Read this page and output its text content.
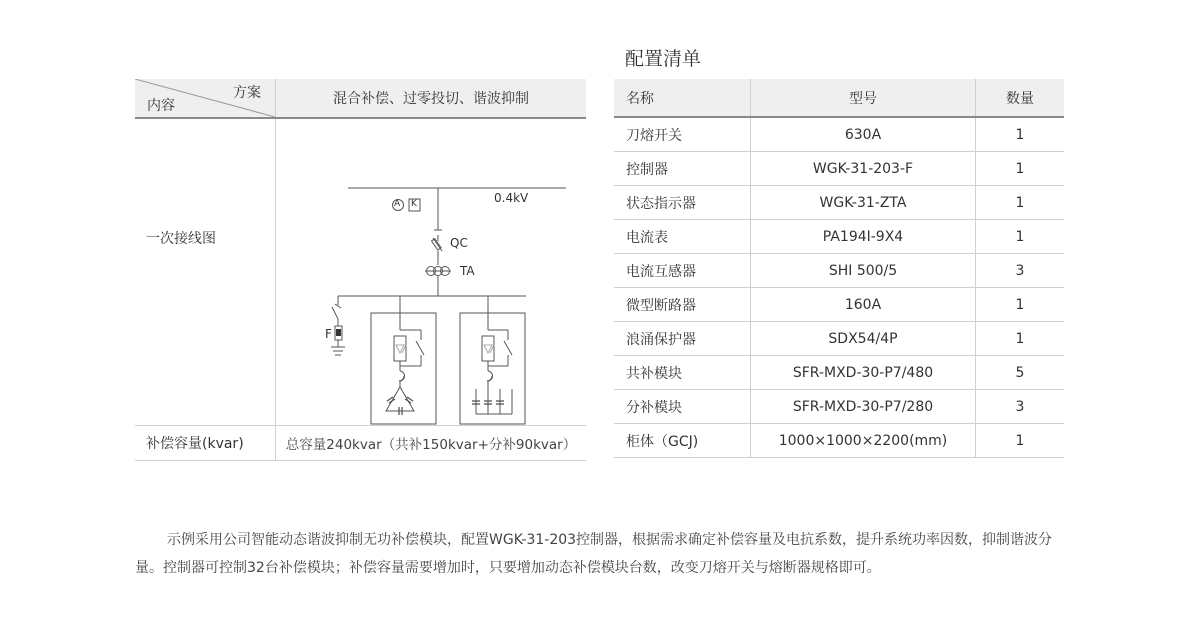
方案
内容	混合补偿、过零投切、谐波抑制
一次接线图	
0.4kV
A K
QC
TA
F

补偿容量(kvar)	总容量240kvar（共补150kvar+分补90kvar）
配置清单
名称	型号	数量
刀熔开关	630A	1
控制器	WGK-31-203-F	1
状态指示器	WGK-31-ZTA	1
电流表	PA194I-9X4	1
电流互感器	SHI 500/5	3
微型断路器	160A	1
浪涌保护器	SDX54/4P	1
共补模块	SFR-MXD-30-P7/480	5
分补模块	SFR-MXD-30-P7/280	3
柜体（GCJ)	1000×1000×2200(mm)	1

示例采用公司智能动态谐波抑制无功补偿模块，配置WGK-31-203控制器，根据需求确定补偿容量及电抗系数，提升系统功率因数，抑制谐波分量。控制器可控制32台补偿模块；补偿容量需要增加时，只要增加动态补偿模块台数，改变刀熔开关与熔断器规格即可。
